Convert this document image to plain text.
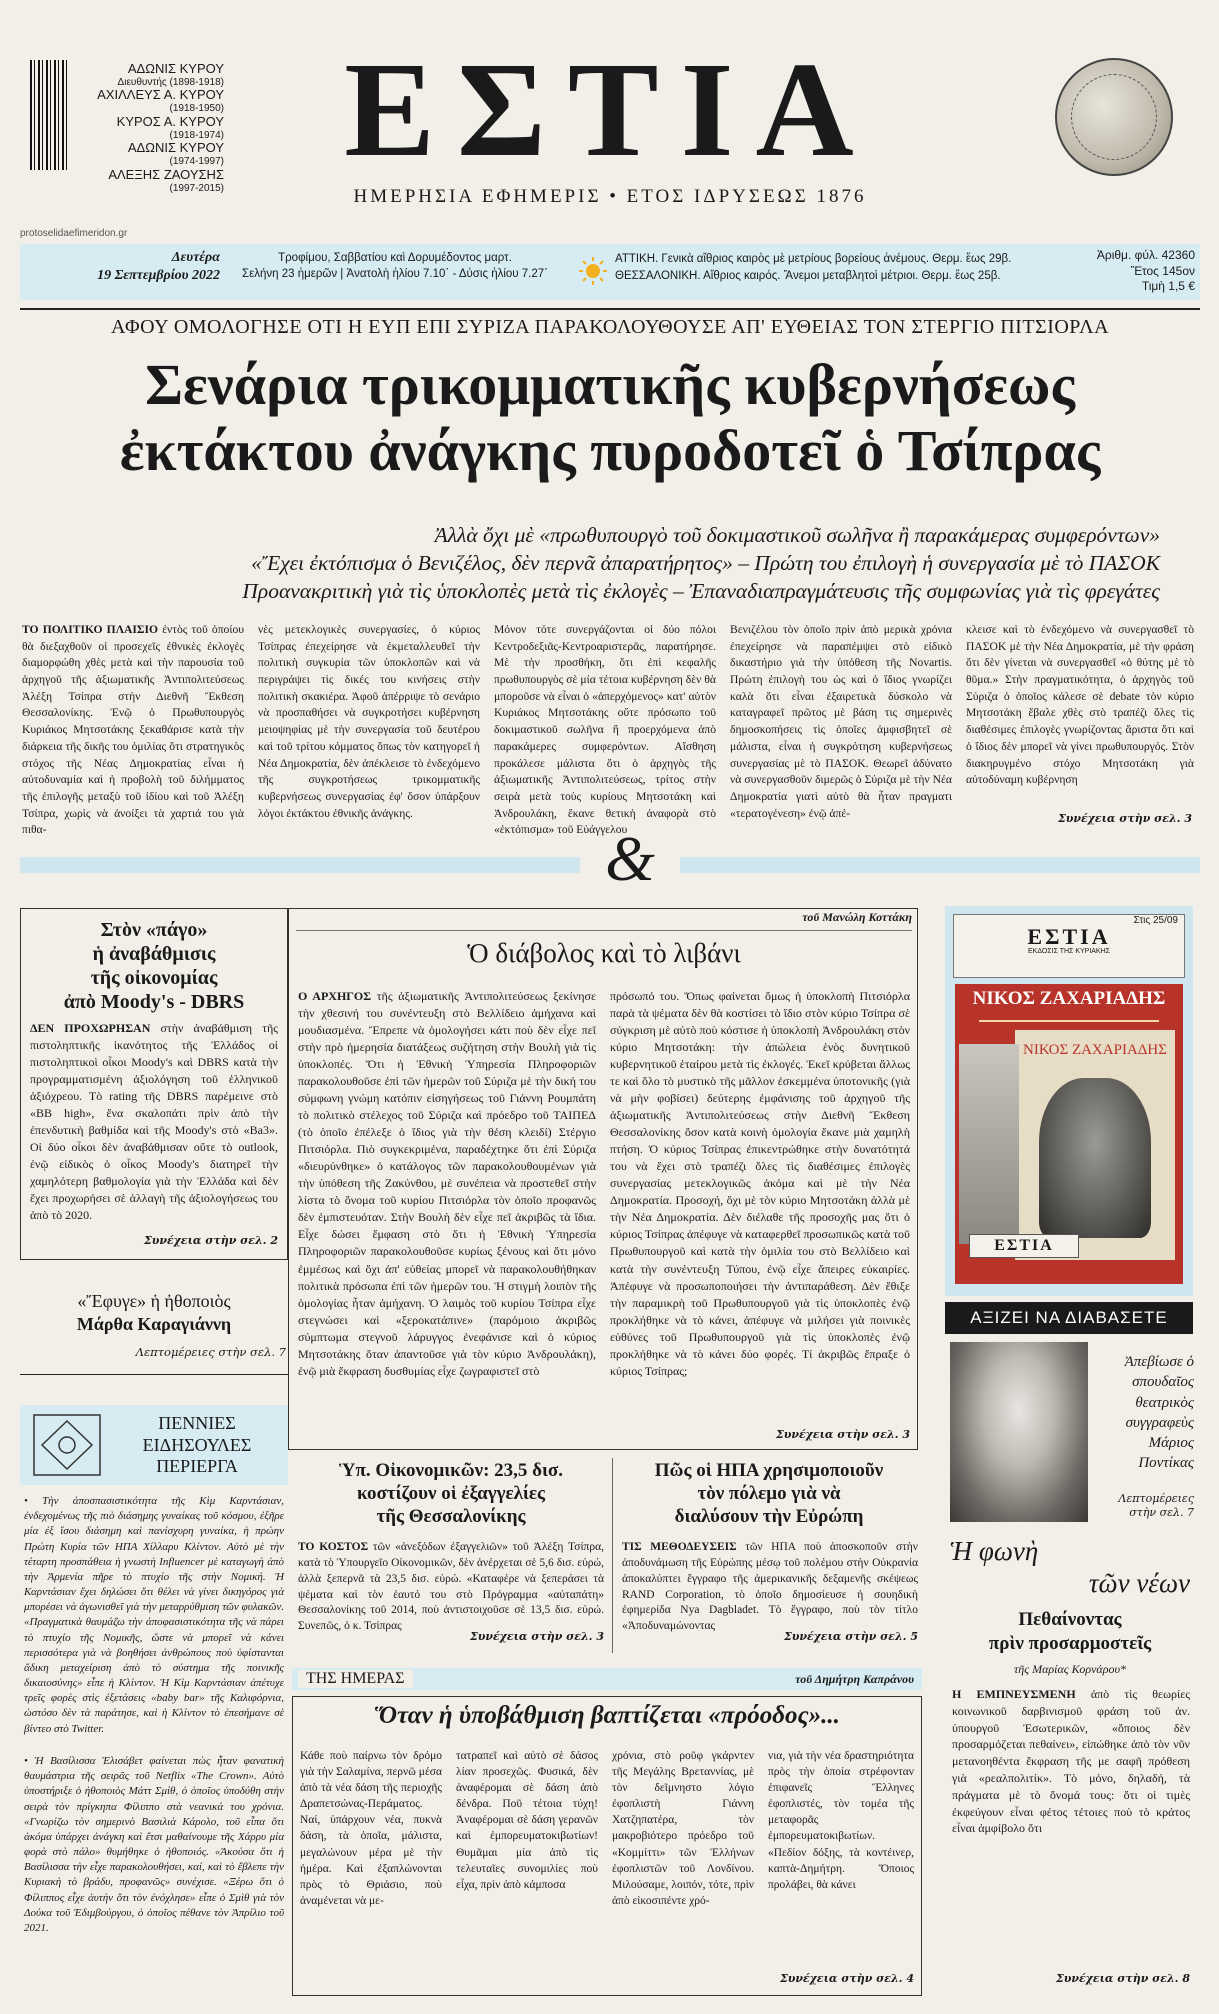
ΑΔΩΝΙΣ ΚΥΡΟΥ
Διευθυντής (1898-1918)
ΑΧΙΛΛΕΥΣ Α. ΚΥΡΟΥ
(1918-1950)
ΚΥΡΟΣ Α. ΚΥΡΟΥ
(1918-1974)
ΑΔΩΝΙΣ ΚΥΡΟΥ
(1974-1997)
ΑΛΕΞΗΣ ΖΑΟΥΣΗΣ
(1997-2015)
ΕΣΤΙΑ
ΗΜΕΡΗΣΙΑ ΕΦΗΜΕΡΙΣ • ΕΤΟΣ ΙΔΡΥΣΕΩΣ 1876
protoselidaefimeridon.gr
Δευτέρα
19 Σεπτεμβρίου 2022
Τροφίμου, Σαββατίου καὶ Δορυμέδοντος μαρτ.
Σελήνη 23 ἡμερῶν | Ἀνατολὴ ἡλίου 7.10΄ - Δύσις ἡλίου 7.27΄
ΑΤΤΙΚΗ. Γενικὰ αἴθριος καιρὸς μὲ μετρίους βορείους ἀνέμους. Θερμ. ἕως 29β.
ΘΕΣΣΑΛΟΝΙΚΗ. Αἴθριος καιρός. Ἄνεμοι μεταβλητοὶ μέτριοι. Θερμ. ἕως 25β.
Ἀριθμ. φύλ. 42360
Ἔτος 145ον
Τιμὴ 1,5 €
ΑΦΟΥ ΟΜΟΛΟΓΗΣΕ ΟΤΙ Η ΕΥΠ ΕΠΙ ΣΥΡΙΖΑ ΠΑΡΑΚΟΛΟΥΘΟΥΣΕ ΑΠ' ΕΥΘΕΙΑΣ ΤΟΝ ΣΤΕΡΓΙΟ ΠΙΤΣΙΟΡΛΑ
Σενάρια τρικομματικῆς κυβερνήσεως
ἐκτάκτου ἀνάγκης πυροδοτεῖ ὁ Τσίπρας
Ἀλλὰ ὄχι μὲ «πρωθυπουργὸ τοῦ δοκιμαστικοῦ σωλῆνα ἢ παρακάμερας συμφερόντων»
«Ἔχει ἐκτόπισμα ὁ Βενιζέλος, δὲν περνᾶ ἀπαρατήρητος» – Πρώτη του ἐπιλογὴ ἡ συνεργασία μὲ τὸ ΠΑΣΟΚ
Προανακριτικὴ γιὰ τὶς ὑποκλοπὲς μετὰ τὶς ἐκλογὲς – Ἐπαναδιαπραγμάτευσις τῆς συμφωνίας γιὰ τὶς φρεγάτες
ΤΟ ΠΟΛΙΤΙΚΟ ΠΛΑΙΣΙΟ ἐντὸς τοῦ ὁποίου θὰ διεξαχθοῦν οἱ προσεχεῖς ἐθνικὲς ἐκλογὲς διαμορφώθη χθὲς μετὰ καὶ τὴν παρουσία τοῦ ἀρχηγοῦ τῆς ἀξιωματικῆς Ἀντιπολιτεύσεως Ἀλέξη Τσίπρα στὴν Διεθνῆ Ἔκθεση Θεσσαλονίκης. Ἐνῷ ὁ Πρωθυπουργὸς Κυριάκος Μητσοτάκης ξεκαθάρισε κατὰ τὴν διάρκεια τῆς δικῆς του ὁμιλίας ὅτι στρατηγικὸς στόχος τῆς Νέας Δημοκρατίας εἶναι ἡ αὐτοδυναμία καὶ ἡ προβολὴ τοῦ διλήμματος τῆς ἐπιλογῆς μεταξὺ τοῦ ἰδίου καὶ τοῦ Ἀλέξη Τσίπρα, χωρὶς νὰ ἀνοίξει τὰ χαρτιά του γιὰ πιθα-
νὲς μετεκλογικὲς συνεργασίες, ὁ κύριος Τσίπρας ἐπεχείρησε νὰ ἐκμεταλλευθεῖ τὴν πολιτικὴ συγκυρία τῶν ὑποκλοπῶν καὶ νὰ περιγράψει τὶς δικές του κινήσεις στὴν πολιτικὴ σκακιέρα. Ἀφοῦ ἀπέρριψε τὸ σενάριο νὰ προσπαθήσει νὰ συγκροτήσει κυβέρνηση μειοψηφίας μὲ τὴν συνεργασία τοῦ δευτέρου καὶ τοῦ τρίτου κόμματος ὅπως τὸν κατηγορεῖ ἡ Νέα Δημοκρατία, δὲν ἀπέκλεισε τὸ ἐνδεχόμενο τῆς συγκροτήσεως τρικομματικῆς κυβερνήσεως συνεργασίας ἐφ' ὅσον ὑπάρξουν λόγοι ἐκτάκτου ἐθνικῆς ἀνάγκης.
Μόνον τότε συνεργάζονται οἱ δύο πόλοι Κεντροδεξιᾶς-Κεντροαριστερᾶς, παρατήρησε. Μὲ τὴν προσθήκη, ὅτι ἐπὶ κεφαλῆς πρωθυπουργὸς σὲ μία τέτοια κυβέρνηση δὲν θὰ μποροῦσε νὰ εἶναι ὁ «ἀπερχόμενος» κατ' αὐτὸν Κυριάκος Μητσοτάκης οὔτε πρόσωπο τοῦ δοκιμαστικοῦ σωλῆνα ἢ προερχόμενα ἀπὸ παρακάμερες συμφερόντων. Αἴσθηση προκάλεσε μάλιστα ὅτι ὁ ἀρχηγὸς τῆς ἀξιωματικῆς Ἀντιπολιτεύσεως, τρίτος στὴν σειρὰ μετὰ τοὺς κυρίους Μητσοτάκη καὶ Ἀνδρουλάκη, ἔκανε θετικὴ ἀναφορὰ στὸ «ἐκτόπισμα» τοῦ Εὐάγγελου
Βενιζέλου τὸν ὁποῖο πρὶν ἀπὸ μερικὰ χρόνια ἐπεχείρησε νὰ παραπέμψει στὸ εἰδικὸ δικαστήριο γιὰ τὴν ὑπόθεση τῆς Novartis. Πρώτη ἐπιλογὴ του ὡς καὶ ὁ ἴδιος γνωρίζει καλὰ ὅτι εἶναι ἐξαιρετικὰ δύσκολο νὰ καταγραφεῖ πρῶτος μὲ βάση τις σημερινὲς δημοσκοπήσεις τὶς ὁποῖες ἀμφισβητεῖ σὲ μάλιστα, εἶναι ἡ συγκρότηση κυβερνήσεως συνεργασίας μὲ τὸ ΠΑΣΟΚ. Θεωρεῖ ἀδύνατο νὰ συνεργασθοῦν διμερῶς ὁ Σύριζα μὲ τὴν Νέα Δημοκρατία γιατὶ αὐτὸ θὰ ἦταν πραγματι «τερατογένεση» ἐνῷ ἀπέ-
κλεισε καὶ τὸ ἐνδεχόμενο νὰ συνεργασθεῖ τὸ ΠΑΣΟΚ μὲ τὴν Νέα Δημοκρατία, μὲ τὴν φράση ὅτι δὲν γίνεται νὰ συνεργασθεῖ «ὁ θύτης μὲ τὸ θῦμα.» Στὴν πραγματικότητα, ὁ ἀρχηγὸς τοῦ Σύριζα ὁ ὁποῖος κάλεσε σὲ debate τὸν κύριο Μητσοτάκη ἔβαλε χθὲς στὸ τραπέζι ὅλες τὶς διαθέσιμες ἐπιλογὲς γνωρίζοντας ἄριστα ὅτι καὶ ὁ ἴδιος δὲν μπορεῖ νὰ γίνει πρωθυπουργός. Στὸν διακηρυγμένο στόχο Μητσοτάκη γιὰ αὐτοδύναμη κυβέρνηση
Συνέχεια στὴν σελ. 3
&
Στὸν «πάγο»
ἡ ἀναβάθμισις
τῆς οἰκονομίας
ἀπὸ Moody's - DBRS
ΔΕΝ ΠΡΟΧΩΡΗΣΑΝ στὴν ἀναβάθμιση τῆς πιστοληπτικῆς ἱκανότητος τῆς Ἑλλάδος οἱ πιστοληπτικοὶ οἶκοι Moody's καὶ DBRS κατὰ τὴν προγραμματισμένη ἀξιολόγηση τοῦ ἑλληνικοῦ ἀξιόχρεου. Τὸ rating τῆς DBRS παρέμεινε στὸ «BB high», ἕνα σκαλοπάτι πρὶν ἀπὸ τὴν ἐπενδυτικὴ βαθμίδα καὶ τῆς Moody's στὸ «Ba3». Οἱ δύο οἶκοι δὲν ἀναβάθμισαν οὔτε τὸ outlook, ἐνῷ εἰδικὸς ὁ οἶκος Moody's διατηρεῖ τὴν χαμηλότερη βαθμολογία γιὰ τὴν Ἑλλάδα καὶ δὲν ἔχει προχωρήσει σὲ ἀλλαγὴ τῆς ἀξιολογήσεως του ἀπὸ τὸ 2020.
Συνέχεια στὴν σελ. 2
«Ἔφυγε» ἡ ἠθοποιὸς
Μάρθα Καραγιάννη
Λεπτομέρειες στὴν σελ. 7
τοῦ Μανώλη Κοττάκη
Ὁ διάβολος καὶ τὸ λιβάνι
Ο ΑΡΧΗΓΟΣ τῆς ἀξιωματικῆς Ἀντιπολιτεύσεως ξεκίνησε τὴν χθεσινή του συνέντευξη στὸ Βελλίδειο ἀμήχανα καὶ μουδιασμένα. Ἔπρεπε νὰ ὁμολογήσει κάτι ποὺ δὲν εἶχε πεῖ στὴν πρὸ ἡμερησία διατάξεως συζήτηση στὴν Βουλὴ γιὰ τὶς ὑποκλοπές. Ὅτι ἡ Ἐθνικὴ Ὑπηρεσία Πληροφοριῶν παρακολουθοῦσε ἐπὶ τῶν ἡμερῶν τοῦ Σύριζα μὲ τὴν δική του σύμφωνη γνώμη κατόπιν εἰσηγήσεως τοῦ Γιάννη Ρουμπάτη τὸ πολιτικὸ στέλεχος τοῦ Σύριζα καὶ πρόεδρο τοῦ ΤΑΙΠΕΔ (τὸ ὁποῖο ἐπέλεξε ὁ ἴδιος γιὰ τὴν θέση κλειδί) Στέργιο Πιτσιόρλα. Πιὸ συγκεκριμένα, παραδέχτηκε ὅτι ἐπὶ Σύριζα «διευρύνθηκε» ὁ κατάλογος τῶν παρακολουθουμένων γιὰ τὴν ὑπόθεση τῆς Ζακύνθου, μὲ συνέπεια νὰ προστεθεῖ στὴν λίστα τὸ ὄνομα τοῦ κυρίου Πιτσιόρλα τὸν ὁποῖο προφανῶς δὲν ἐμπιστευόταν. Στὴν Βουλὴ δὲν εἶχε πεῖ ἀκριβῶς τὰ ἴδια. Εἶχε δώσει ἔμφαση στὸ ὅτι ἡ Ἐθνικὴ Ὑπηρεσία Πληροφοριῶν παρακολουθοῦσε κυρίως ξένους καὶ ὅτι μόνο ἐμμέσως καὶ ὄχι ἀπ' εὐθείας μπορεῖ νὰ παρακολουθήθηκαν πολιτικὰ πρόσωπα ἐπὶ τῶν ἡμερῶν του. Ἡ στιγμὴ λοιπὸν τῆς ὁμολογίας ἦταν ἀμήχανη. Ὁ λαιμὸς τοῦ κυρίου Τσίπρα εἶχε στεγνώσει καὶ «ξεροκατάπινε» (παρόμοιο ἀκριβῶς σύμπτωμα στεγνοῦ λάρυγγος ἐνεφάνισε καὶ ὁ κύριος Μητσοτάκης ὅταν ἀπαντοῦσε γιὰ τὸν κύριο Ἀνδρουλάκη), ἐνῷ μιὰ ἔκφραση δυσθυμίας εἶχε ζωγραφιστεῖ στὸ
πρόσωπό του. Ὅπως φαίνεται ὅμως ἡ ὑποκλοπὴ Πιτσιόρλα παρὰ τὰ ψέματα δὲν θὰ κοστίσει τὸ ἴδιο στὸν κύριο Τσίπρα σὲ σύγκριση μὲ αὐτὸ ποὺ κόστισε ἡ ὑποκλοπὴ Ἀνδρουλάκη στὸν κύριο Μητσοτάκη: τὴν ἀπώλεια ἑνὸς δυνητικοῦ κυβερνητικοῦ ἑταίρου μετὰ τὶς ἐκλογές. Ἐκεῖ κρύβεται ἄλλως τε καὶ ὅλο τὸ μυστικὸ τῆς μᾶλλον ἐσκεμμένα ὑποτονικῆς (γιὰ νὰ μὴν φοβίσει) δεύτερης ἐμφάνισης τοῦ ἀρχηγοῦ τῆς ἀξιωματικῆς Ἀντιπολιτεύσεως στὴν Διεθνῆ Ἔκθεση Θεσσαλονίκης ὅσον κατὰ κοινὴ ὁμολογία ἔκανε μιὰ χαμηλὴ πτήση. Ὁ κύριος Τσίπρας ἐπικεντρώθηκε στὴν δυνατότητά του νὰ ἔχει στὸ τραπέζι ὅλες τὶς διαθέσιμες ἐπιλογὲς συνεργασίας μετεκλογικῶς ἀκόμα καὶ μὲ τὴν Νέα Δημοκρατία. Προσοχή, ὄχι μὲ τὸν κύριο Μητσοτάκη ἀλλὰ μὲ τὴν Νέα Δημοκρατία. Δὲν διέλαθε τῆς προσοχῆς μας ὅτι ὁ κύριος Τσίπρας ἀπέφυγε νὰ καταφερθεῖ προσωπικῶς κατὰ τοῦ Πρωθυπουργοῦ καὶ κατὰ τὴν ὁμιλία του στὸ Βελλίδειο καὶ κατὰ τὴν συνέντευξη Τύπου, ἐνῷ εἶχε ἄπειρες εὐκαιρίες. Ἀπέφυγε νὰ προσωποποιήσει τὴν ἀντιπαράθεση. Δὲν ἔθιξε τὴν παραμικρὴ τοῦ Πρωθυπουργοῦ γιὰ τὶς ὑποκλοπὲς ἐνῷ προκλήθηκε νὰ τὸ κάνει, ἀπέφυγε νὰ μιλήσει γιὰ ποινικὲς εὐθύνες τοῦ Πρωθυπουργοῦ γιὰ τὶς ὑποκλοπὲς ἐνῷ προκλήθηκε νὰ τὸ κάνει δύο φορές. Τί ἀκριβῶς ἔπραξε ὁ κύριος Τσίπρας;
Συνέχεια στὴν σελ. 3
Στις 25/09
ΕΣΤΙΑ
ΕΚΔΟΣΙΣ ΤΗΣ ΚΥΡΙΑΚΗΣ
ΝΙΚΟΣ ΖΑΧΑΡΙΑΔΗΣ
ΝΙΚΟΣ ΖΑΧΑΡΙΑΔΗΣ
ΕΣΤΙΑ
ΑΞΙΖΕΙ ΝΑ ΔΙΑΒΑΣΕΤΕ
Ἀπεβίωσε ὁ σπουδαῖος θεατρικὸς συγγραφεὺς Μάριος Ποντίκας
Λεπτομέρειες στὴν σελ. 7
ΠΕΝΝΙΕΣ
ΕΙΔΗΣΟΥΛΕΣ
ΠΕΡΙΕΡΓΑ
• Τὴν ἀποσπασιστικότητα τῆς Κὶμ Καρντάσιαν, ἐνδεχομένως τῆς πιὸ διάσημης γυναίκας τοῦ κόσμου, ἐξῆρε μία ἐξ ἴσου διάσημη καὶ πανίσχυρη γυναίκα, ἡ πρώην Πρώτη Κυρία τῶν ΗΠΑ Χίλλαρυ Κλίντον. Αὐτὸ μὲ τὴν τέταρτη προσπάθεια ἡ γνωστὴ Influencer μὲ καταγωγὴ ἀπὸ τὴν Ἀρμενία πῆρε τὸ πτυχίο τῆς στὴν Νομική. Ἡ Καρντάσιαν ἔχει δηλώσει ὅτι θέλει νὰ γίνει δικηγόρος γιὰ μπορέσει νὰ ἀγωνισθεῖ γιὰ τὴν μεταρρύθμιση τῶν φυλακῶν. «Πραγματικὰ θαυμάζω τὴν ἀποφασιστικότητα τῆς νὰ πάρει τὸ πτυχίο τῆς Νομικῆς, ὥστε νὰ μπορεῖ νὰ κάνει περισσότερα γιὰ νὰ βοηθήσει ἀνθρώπους ποὺ ὑφίστανται ἄδικη μεταχείριση ἀπὸ τὸ σύστημα τῆς ποινικῆς δικαιοσύνης» εἶπε ἡ Κλίντον. Ἡ Κὶμ Καρντάσιαν ἀπέτυχε τρεῖς φορὲς στὶς ἐξετάσεις «baby bar» τῆς Καλιφόρνια, ὡστόσο δὲν τὰ παράτησε, καὶ ἡ Κλίντον τὸ ἐπεσήμανε σὲ βίντεο στὸ Twitter.
• Ἡ Βασίλισσα Ἐλισάβετ φαίνεται πὼς ἦταν φανατικὴ θαυμάστρια τῆς σειρᾶς τοῦ Netflix «The Crown». Αὐτὸ ὑποστήριξε ὁ ἠθοποιὸς Μάττ Σμίθ, ὁ ὁποῖος ὑποδύθη στὴν σειρὰ τὸν πρίγκηπα Φίλιππο στὰ νεανικά του χρόνια. «Γνωρίζω τὸν σημερινὸ Βασιλιὰ Κάρολο, τοῦ εἶπα ὅτι ἀκόμα ὑπάρχει ἀνάγκη καὶ ἔτσι μαθαίνουμε τῆς Χάρρυ μία φορὰ στὸ πάλο» θυμήθηκε ὁ ἠθοποιός. «Ἀκούσα ὅτι ἡ Βασίλισσα τὴν εἶχε παρακολουθήσει, καί, καὶ τὸ ἔβλεπε τὴν Κυριακὴ τὸ βράδυ, προφανῶς» συνέχισε. «Ξέρω ὅτι ὁ Φίλιππος εἶχε ἀυτὴν ὅτι τὸν ἐνόχλησε» εἶπε ὁ Σμὶθ γιὰ τὸν Δούκα τοῦ Ἐδιμβούργου, ὁ ὁποῖος πέθανε τὸν Ἀπρίλιο τοῦ 2021.
Ὑπ. Οἰκονομικῶν: 23,5 δισ.
κοστίζουν οἱ ἐξαγγελίες
τῆς Θεσσαλονίκης
ΤΟ ΚΟΣΤΟΣ τῶν «ἀνεξόδων ἐξαγγελιῶν» τοῦ Ἀλέξη Τσίπρα, κατὰ τὸ Ὑπουργεῖο Οἰκονομικῶν, δὲν ἀνέρχεται σὲ 5,6 δισ. εὐρώ, ἀλλὰ ξεπερνᾶ τὰ 23,5 δισ. εὐρώ. «Καταφέρε νὰ ξεπεράσει τὰ ψέματα καὶ τὸν ἑαυτό του στὸ Πρόγραμμα «αὐταπάτη» Θεσσαλονίκης τοῦ 2014, ποὺ ἀντιστοιχοῦσε σὲ 13,5 δισ. εὐρώ. Συνεπῶς, ὁ κ. Τσίπρας
Συνέχεια στὴν σελ. 3
Πῶς οἱ ΗΠΑ χρησιμοποιοῦν
τὸν πόλεμο γιὰ νὰ
διαλύσουν τὴν Εὐρώπη
ΤΙΣ ΜΕΘΟΔΕΥΣΕΙΣ τῶν ΗΠΑ ποὺ ἀποσκοποῦν στὴν ἀποδυνάμωση τῆς Εὐρώπης μέσῳ τοῦ πολέμου στὴν Οὐκρανία ἀποκαλύπτει ἔγγραφο τῆς ἀμερικανικῆς δεξαμενῆς σκέψεως RAND Corporation, τὸ ὁποῖο δημοσίευσε ἡ σουηδικὴ ἐφημερίδα Nya Dagbladet. Τὸ ἔγγραφο, ποὺ τὸν τίτλο «Ἀποδυναμώνοντας
Συνέχεια στὴν σελ. 5
ΤΗΣ ΗΜΕΡΑΣ	τοῦ Δημήτρη Καπράνου
Ὅταν ἡ ὑποβάθμιση βαπτίζεται «πρόοδος»...
Κάθε ποὺ παίρνω τὸν δρόμο γιὰ τὴν Σαλαμίνα, περνῶ μέσα ἀπὸ τὰ νέα δάση τῆς περιοχῆς Δραπετσώνας-Περάματος. Ναί, ὑπάρχουν νέα, πυκνὰ δάση, τὰ ὁποῖα, μάλιστα, μεγαλώνουν μέρα μὲ τὴν ἡμέρα. Καὶ ἐξαπλώνονται πρὸς τὸ Θριάσιο, ποὺ ἀναμένεται νὰ με-
τατραπεῖ καὶ αὐτὸ σὲ δάσος λίαν προσεχῶς. Φυσικά, δὲν ἀναφέρομαι σὲ δάση ἀπὸ δένδρα. Ποῦ τέτοια τύχη! Ἀναφέρομαι σὲ δάση γερανῶν καὶ ἐμπορευματοκιβωτίων! Θυμᾶμαι μία ἀπὸ τὶς τελευταῖες συνομιλίες ποὺ εἶχα, πρὶν ἀπὸ κάμποσα
χρόνια, στὸ ροῦφ γκάρντεν τῆς Μεγάλης Βρεταννίας, μὲ τὸν δεῖμνηστο λόγιο ἐφοπλιστὴ Γιάννη Χατζηπατέρα, τὸν μακροβιότερο πρόεδρο τοῦ «Κομμίττι» τῶν Ἑλλήνων ἐφοπλιστῶν τοῦ Λονδίνου. Μιλούσαμε, λοιπόν, τότε, πρὶν ἀπὸ εἰκοσιπέντε χρό-
νια, γιὰ τὴν νέα δραστηριότητα πρὸς τὴν ὁποία στρέφονταν ἐπιφανεῖς Ἕλληνες ἐφοπλιστές, τὸν τομέα τῆς μεταφορᾶς ἐμπορευματοκιβωτίων. «Πεδίον δόξης, τὰ κοντέινερ, καπτὰ-Δημήτρη. Ὅποιος προλάβει, θὰ κάνει
Συνέχεια στὴν σελ. 4
Ἡ φωνὴ
τῶν νέων
Πεθαίνοντας
πρὶν προσαρμοστεῖς
τῆς Μαρίας Κορνάρου*
Η ΕΜΠΝΕΥΣΜΕΝΗ ἀπὸ τὶς θεωρίες κοινωνικοῦ δαρβινισμοῦ φράση τοῦ ἀν. ὑπουργοῦ Ἐσωτερικῶν, «ὅποιος δὲν προσαρμόζεται πεθαίνει», εἰπώθηκε ἀπὸ τὸν νῦν μετανοηθέντα ἔκφραση τῆς με σαφῆ πρόθεση γιὰ «ρεαλπολιτίκ». Τὸ μόνο, δηλαδή, τὰ πράγματα μὲ τὸ ὄνομά τους: ὅτι οἱ τιμὲς ἐκφεύγουν εἶναι φέτος τέτοιες ποὺ τὸ κράτος εἶναι ἀμφίβολο ὅτι
Συνέχεια στὴν σελ. 8
